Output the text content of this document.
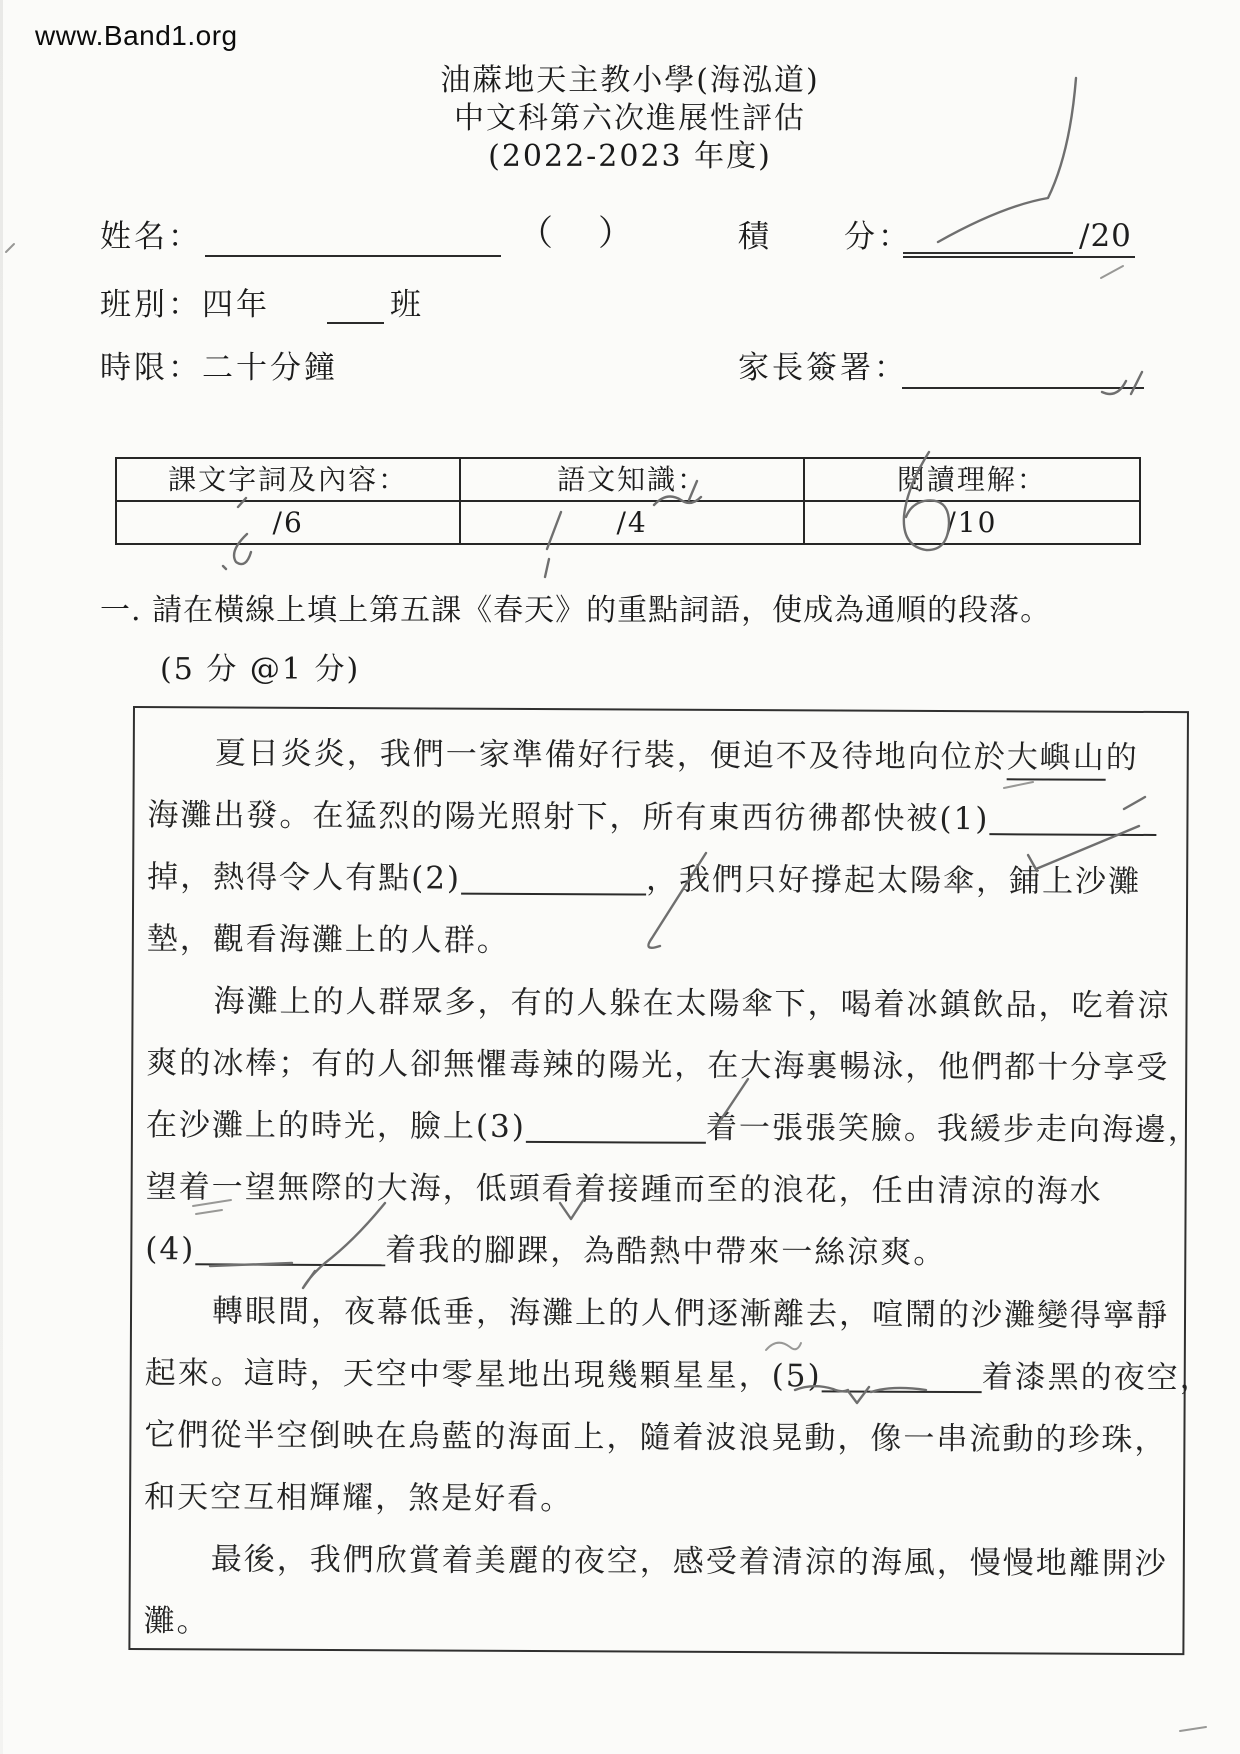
www.Band1.org
油蔴地天主教小學(海泓道)
中文科第六次進展性評估
(2022-2023 年度)
姓名：	（ ）	積 分：	/20
班別：四年	班
時限：二十分鐘	家長簽署：
課文字詞及內容：	語文知識：	閱讀理解：
/6	/4	/10
一. 請在橫線上填上第五課《春天》的重點詞語，使成為通順的段落。
(5 分 @1 分)
夏日炎炎，我們一家準備好行裝，便迫不及待地向位於大嶼山的
海灘出發。在猛烈的陽光照射下，所有東西彷彿都快被(1)
掉，熱得令人有點(2)	，我們只好撐起太陽傘，鋪上沙灘
墊，觀看海灘上的人群。
海灘上的人群眾多，有的人躲在太陽傘下，喝着冰鎮飲品，吃着涼
爽的冰棒；有的人卻無懼毒辣的陽光，在大海裏暢泳，他們都十分享受
在沙灘上的時光，臉上(3)	着一張張笑臉。我緩步走向海邊，
望着一望無際的大海，低頭看着接踵而至的浪花，任由清涼的海水
(4)	着我的腳踝，為酷熱中帶來一絲涼爽。
轉眼間，夜幕低垂，海灘上的人們逐漸離去，喧鬧的沙灘變得寧靜
起來。這時，天空中零星地出現幾顆星星，(5)	着漆黑的夜空，
它們從半空倒映在烏藍的海面上，隨着波浪晃動，像一串流動的珍珠，
和天空互相輝耀，煞是好看。
最後，我們欣賞着美麗的夜空，感受着清涼的海風，慢慢地離開沙
灘。
